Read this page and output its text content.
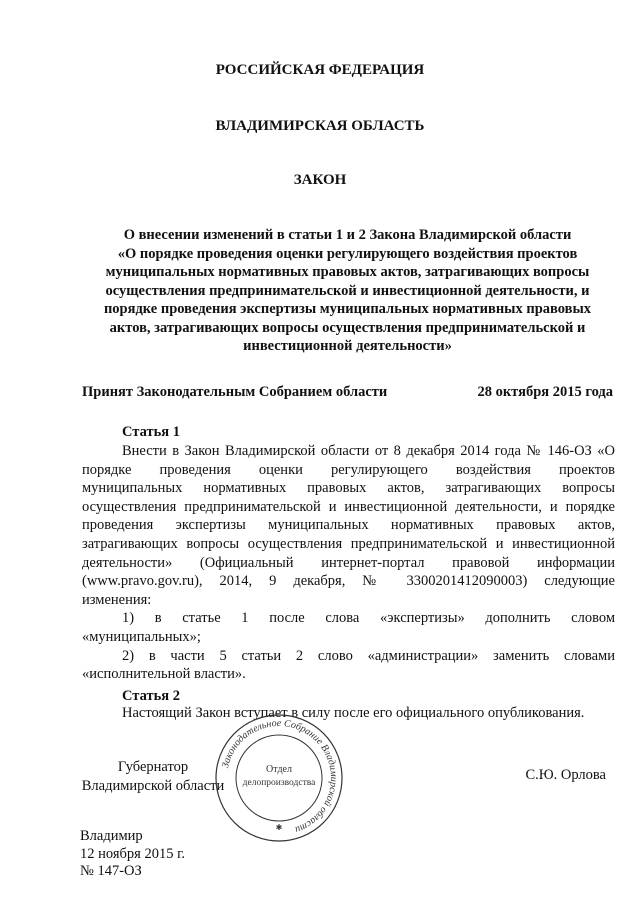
РОССИЙСКАЯ ФЕДЕРАЦИЯ
ВЛАДИМИРСКАЯ ОБЛАСТЬ
ЗАКОН
О внесении изменений в статьи 1 и 2 Закона Владимирской области
«О порядке проведения оценки регулирующего воздействия проектов
муниципальных нормативных правовых актов, затрагивающих вопросы
осуществления предпринимательской и инвестиционной деятельности, и
порядке проведения экспертизы муниципальных нормативных правовых
актов, затрагивающих вопросы осуществления предпринимательской и
инвестиционной деятельности»
Принят Законодательным Собранием области	28 октября 2015 года
Статья 1
Внести в Закон Владимирской области от 8 декабря 2014 года № 146-ОЗ «О
порядке проведения оценки регулирующего воздействия проектов
муниципальных нормативных правовых актов, затрагивающих вопросы
осуществления предпринимательской и инвестиционной деятельности, и порядке
проведения экспертизы муниципальных нормативных правовых актов,
затрагивающих вопросы осуществления предпринимательской и инвестиционной
деятельности» (Официальный интернет-портал правовой информации
(www.pravo.gov.ru), 2014, 9 декабря, № 3300201412090003) следующие
изменения:
1) в статье 1 после слова «экспертизы» дополнить словом
«муниципальных»;
2) в части 5 статьи 2 слово «администрации» заменить словами
«исполнительной власти».
Статья 2
Настоящий Закон вступает в силу после его официального опубликования.
Законодательное Собрание Владимирской области
Отдел
делопроизводства
✱
Губернатор
Владимирской области
С.Ю. Орлова
Владимир
12 ноября 2015 г.
№ 147-ОЗ
